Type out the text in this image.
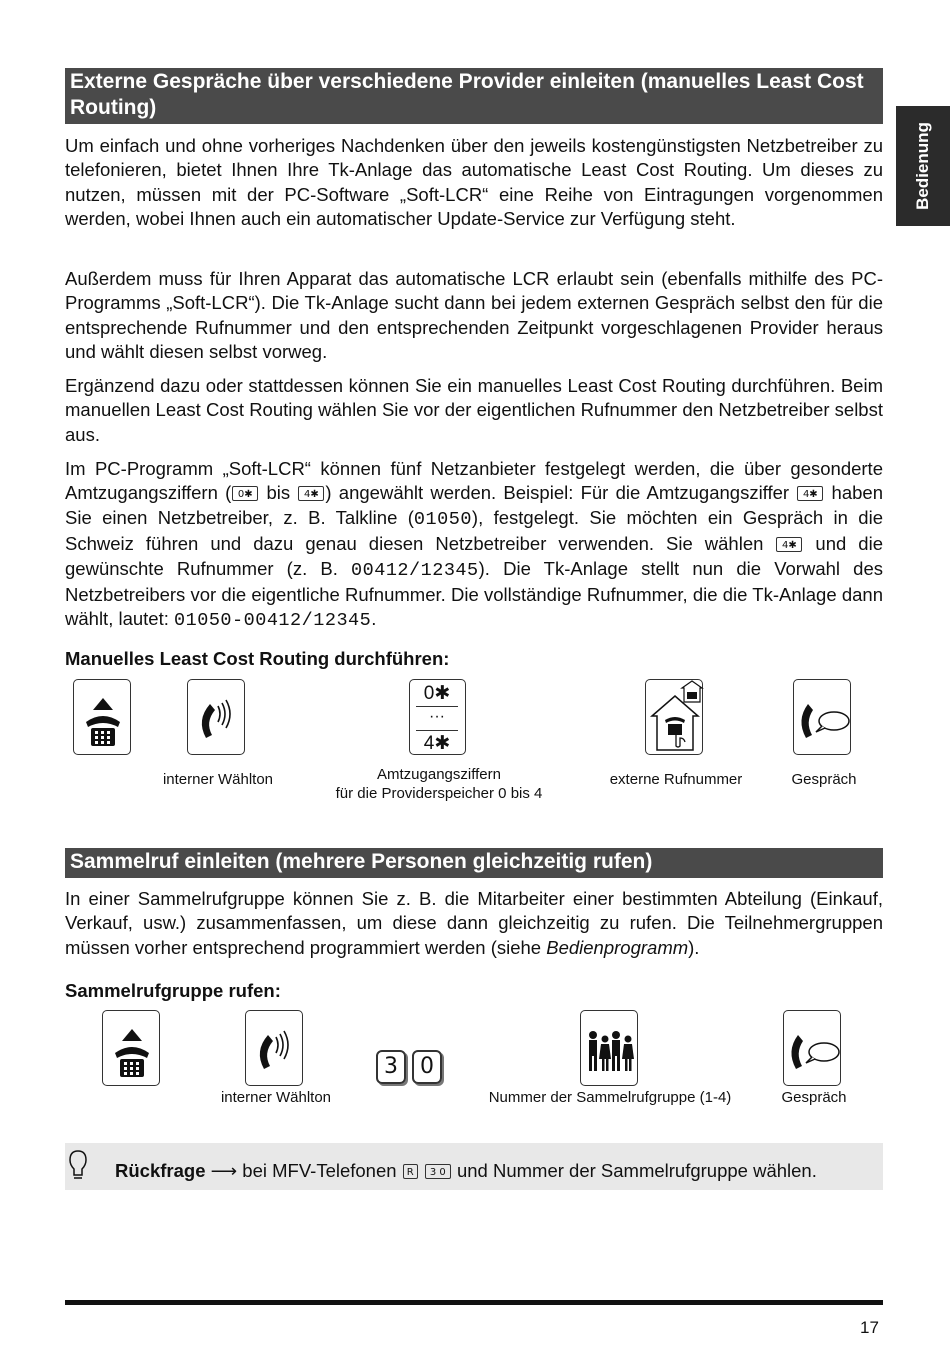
Bedienung
Externe Gespräche über verschiedene Provider einleiten (manuelles Least Cost Routing)

Um einfach und ohne vorheriges Nachdenken über den jeweils kostengünstigsten Netzbetreiber zu telefonieren, bietet Ihnen Ihre Tk-Anlage das automatische Least Cost Routing. Um dieses zu nutzen, müssen mit der PC-Software „Soft-LCR“ eine Reihe von Eintragungen vorgenommen werden, wobei Ihnen auch ein automatischer Update-Service zur Verfügung steht.

Außerdem muss für Ihren Apparat das automatische LCR erlaubt sein (ebenfalls mithilfe des PC-Programms „Soft-LCR“). Die Tk-Anlage sucht dann bei jedem externen Gespräch selbst den für die entsprechende Rufnummer und den entsprechenden Zeitpunkt vorgeschlagenen Provider heraus und wählt diesen selbst vorweg.

Ergänzend dazu oder stattdessen können Sie ein manuelles Least Cost Routing durchführen. Beim manuellen Least Cost Routing wählen Sie vor der eigentlichen Rufnummer den Netzbetreiber selbst aus.

Im PC-Programm „Soft-LCR“ können fünf Netzanbieter festgelegt werden, die über gesonderte Amtzugangsziffern ( 0✱ bis 4✱ ) angewählt werden. Beispiel: Für die Amtzugangsziffer 4✱ haben Sie einen Netzbetreiber, z. B. Talkline (01050), festgelegt. Sie möchten ein Gespräch in die Schweiz führen und dazu genau diesen Netzbetreiber verwenden. Sie wählen 4✱ und die gewünschte Rufnummer (z. B. 00412/12345). Die Tk-Anlage stellt nun die Vorwahl des Netzbetreibers vor die eigentliche Rufnummer. Die vollständige Rufnummer, die die Tk-Anlage dann wählt, lautet: 01050-00412/12345.

Manuelles Least Cost Routing durchführen:
0✱
···
4✱
interner Wählton	Amtzugangsziffern
für die Providerspeicher 0 bis 4
externe Rufnummer	Gespräch
Sammelruf einleiten (mehrere Personen gleichzeitig rufen)

In einer Sammelrufgruppe können Sie z. B. die Mitarbeiter einer bestimmten Abteilung (Einkauf, Verkauf, usw.) zusammenfassen, um diese dann gleichzeitig zu rufen. Die Teilnehmergruppen müssen vorher entsprechend programmiert werden (siehe Bedienprogramm).

Sammelrufgruppe rufen:
3	0
interner Wählton	Nummer der Sammelrufgruppe (1-4)	Gespräch
Rückfrage ⟶ bei MFV-Telefonen R 3 0 und Nummer der Sammelrufgruppe wählen.
17
